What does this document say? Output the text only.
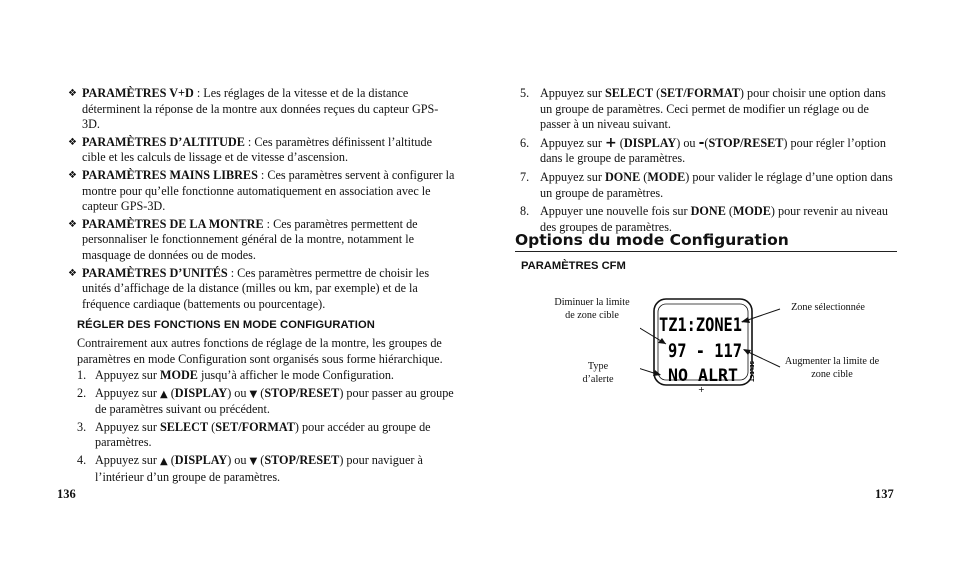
❖ PARAMÈTRES V+D : Les réglages de la vitesse et de la distance déterminent la réponse de la montre aux données reçues du capteur GPS-3D.
❖ PARAMÈTRES D’ALTITUDE : Ces paramètres définissent l’altitude cible et les calculs de lissage et de vitesse d’ascension.
❖ PARAMÈTRES MAINS LIBRES : Ces paramètres servent à configurer la montre pour qu’elle fonctionne automatiquement en association avec le capteur GPS-3D.
❖ PARAMÈTRES DE LA MONTRE : Ces paramètres permettent de personnaliser le fonctionnement général de la montre, notamment le masquage de données ou de modes.
❖ PARAMÈTRES D’UNITÉS : Ces paramètres permettre de choisir les unités d’affichage de la distance (milles ou km, par exemple) et de la fréquence cardiaque (battements ou pourcentage).
RÉGLER DES FONCTIONS EN MODE CONFIGURATION
Contrairement aux autres fonctions de réglage de la montre, les groupes de paramètres en mode Configuration sont organisés sous forme hiérarchique.
1. Appuyez sur MODE jusqu’à afficher le mode Configuration.
2. Appuyez sur ▲ (DISPLAY) ou ▼ (STOP/RESET) pour passer au groupe de paramètres suivant ou précédent.
3. Appuyez sur SELECT (SET/FORMAT) pour accéder au groupe de paramètres.
4. Appuyez sur ▲ (DISPLAY) ou ▼ (STOP/RESET) pour naviguer à l’intérieur d’un groupe de paramètres.
136
5. Appuyez sur SELECT (SET/FORMAT) pour choisir une option dans un groupe de paramètres. Ceci permet de modifier un réglage ou de passer à un niveau suivant.
6. Appuyez sur + (DISPLAY) ou -(STOP/RESET) pour régler l’option dans le groupe de paramètres.
7. Appuyez sur DONE (MODE) pour valider le réglage d’une option dans un groupe de paramètres.
8. Appuyer une nouvelle fois sur DONE (MODE) pour revenir au niveau des groupes de paramètres.
Options du mode Configuration
PARAMÈTRES CFM
Diminuer la limite de zone cible
Type d’alerte
Zone sélectionnée
Augmenter la limite de zone cible
TZ1:ZONE1
97 - 117
NO ALRT SELECT
+
137
